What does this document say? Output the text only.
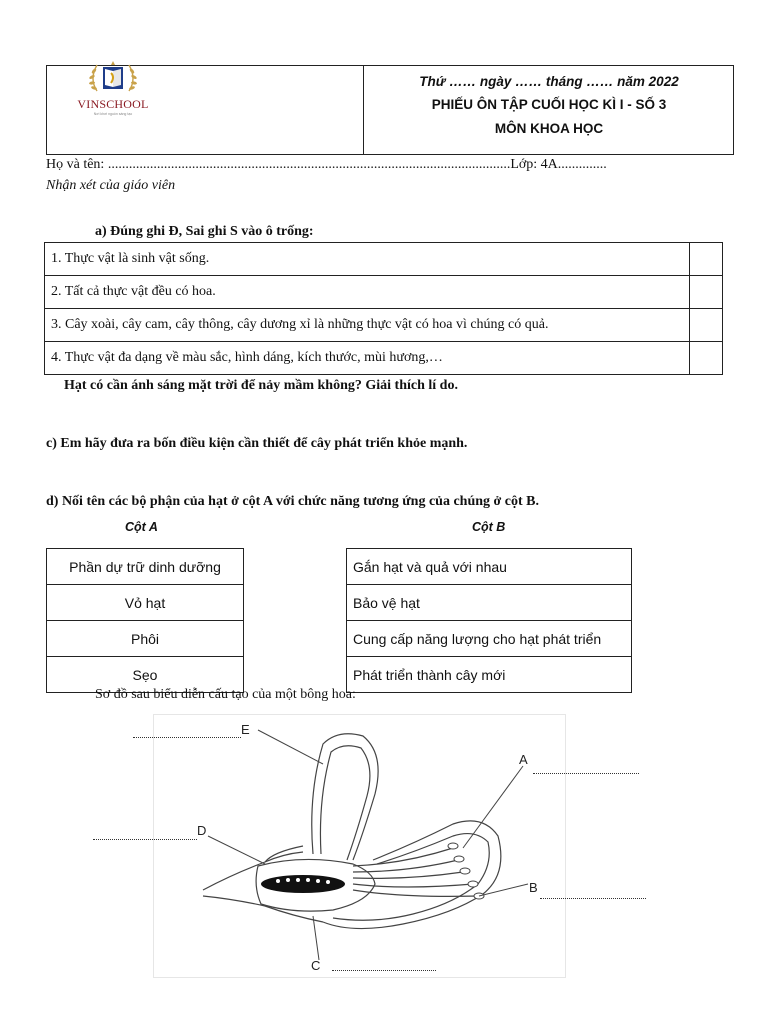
VINSCHOOL
Nơi khơi nguồn sáng tạo
Thứ …… ngày …… tháng …… năm 2022
PHIẾU ÔN TẬP CUỐI HỌC KÌ I - SỐ 3
MÔN KHOA HỌC
Họ và tên: ...................................................................................................................Lớp: 4A..............
Nhận xét của giáo viên
a) Đúng ghi Đ, Sai ghi S vào ô trống:
1. Thực vật là sinh vật sống.	
2. Tất cả thực vật đều có hoa.	
3. Cây xoài, cây cam, cây thông, cây dương xỉ là những thực vật có hoa vì chúng có quả.	
4. Thực vật đa dạng về màu sắc, hình dáng, kích thước, mùi hương,…	
Hạt có cần ánh sáng mặt trời để nảy mầm không? Giải thích lí do.
c) Em hãy đưa ra bốn điều kiện cần thiết để cây phát triển khỏe mạnh.
d) Nối tên các bộ phận của hạt ở cột A với chức năng tương ứng của chúng ở cột B.
Cột A	Cột B
Phần dự trữ dinh dưỡng
Vỏ hạt
Phôi
Sẹo
Gắn hạt và quả với nhau
Bảo vệ hạt
Cung cấp năng lượng cho hạt phát triển
Phát triển thành cây mới
Sơ đồ sau biểu diễn cấu tạo của một bông hoa:
E
D
A
B
C
